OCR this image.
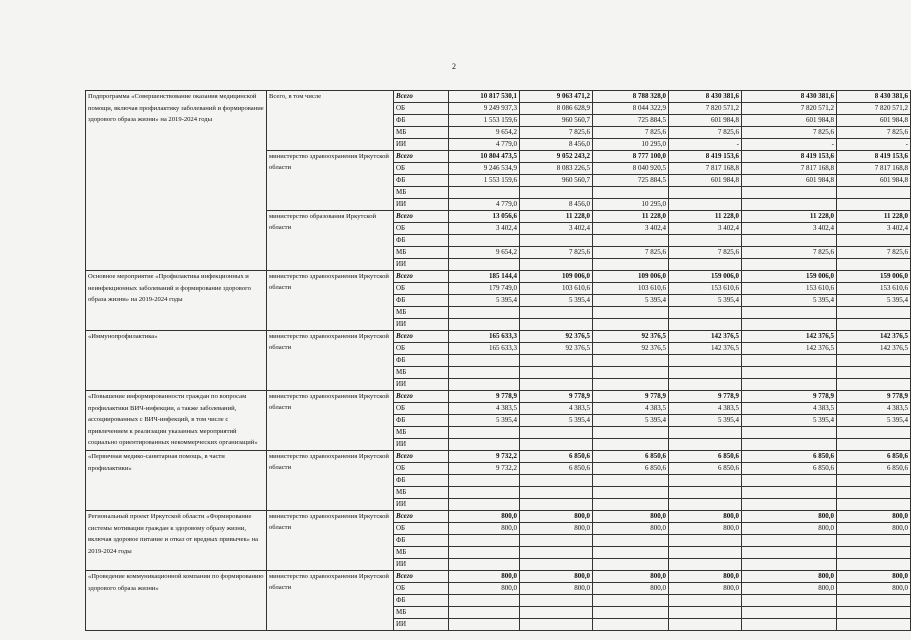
2
Подпрограмма «Совершенствование оказания медицинской помощи, включая профилактику заболеваний и формирование здорового образа жизни» на 2019-2024 годы	Всего, в том числе	Всего	10 817 530,1	9 063 471,2	8 788 328,0	8 430 381,6	8 430 381,6	8 430 381,6
		ОБ	9 249 937,3	8 086 628,9	8 044 322,9	7 820 571,2	7 820 571,2	7 820 571,2
		ФБ	1 553 159,6	960 560,7	725 884,5	601 984,8	601 984,8	601 984,8
		МБ	9 654,2	7 825,6	7 825,6	7 825,6	7 825,6	7 825,6
		ИИ	4 779,0	8 456,0	10 295,0	-	-	-
	министерство здравоохранения Иркутской области	Всего	10 804 473,5	9 052 243,2	8 777 100,0	8 419 153,6	8 419 153,6	8 419 153,6
		ОБ	9 246 534,9	8 083 226,5	8 040 920,5	7 817 168,8	7 817 168,8	7 817 168,8
		ФБ	1 553 159,6	960 560,7	725 884,5	601 984,8	601 984,8	601 984,8
		МБ						
		ИИ	4 779,0	8 456,0	10 295,0			
	министерство образования Иркутской области	Всего	13 056,6	11 228,0	11 228,0	11 228,0	11 228,0	11 228,0
		ОБ	3 402,4	3 402,4	3 402,4	3 402,4	3 402,4	3 402,4
		ФБ						
		МБ	9 654,2	7 825,6	7 825,6	7 825,6	7 825,6	7 825,6
		ИИ						
Основное мероприятие «Профилактика инфекционных и неинфекционных заболеваний и формирование здорового образа жизни» на 2019-2024 годы	министерство здравоохранения Иркутской области	Всего	185 144,4	109 006,0	109 006,0	159 006,0	159 006,0	159 006,0
		ОБ	179 749,0	103 610,6	103 610,6	153 610,6	153 610,6	153 610,6
		ФБ	5 395,4	5 395,4	5 395,4	5 395,4	5 395,4	5 395,4
		МБ						
		ИИ						
«Иммунопрофилактика»	министерство здравоохранения Иркутской области	Всего	165 633,3	92 376,5	92 376,5	142 376,5	142 376,5	142 376,5
		ОБ	165 633,3	92 376,5	92 376,5	142 376,5	142 376,5	142 376,5
		ФБ						
		МБ						
		ИИ						
«Повышение информированности граждан по вопросам профилактики ВИЧ-инфекции, а также заболеваний, ассоциированных с ВИЧ-инфекций, в том числе с привлечением к реализации указанных мероприятий социально ориентированных некоммерческих организаций»	министерство здравоохранения Иркутской области	Всего	9 778,9	9 778,9	9 778,9	9 778,9	9 778,9	9 778,9
		ОБ	4 383,5	4 383,5	4 383,5	4 383,5	4 383,5	4 383,5
		ФБ	5 395,4	5 395,4	5 395,4	5 395,4	5 395,4	5 395,4
		МБ						
		ИИ						
«Первичная медико-санитарная помощь, в части профилактики»	министерство здравоохранения Иркутской области	Всего	9 732,2	6 850,6	6 850,6	6 850,6	6 850,6	6 850,6
		ОБ	9 732,2	6 850,6	6 850,6	6 850,6	6 850,6	6 850,6
		ФБ						
		МБ						
		ИИ						
Региональный проект Иркутской области «Формирование системы мотивации граждан к здоровому образу жизни, включая здоровое питание и отказ от вредных привычек» на 2019-2024 годы	министерство здравоохранения Иркутской области	Всего	800,0	800,0	800,0	800,0	800,0	800,0
		ОБ	800,0	800,0	800,0	800,0	800,0	800,0
		ФБ						
		МБ						
		ИИ						
«Проведение коммуникационной компании по формированию здорового образа жизни»	министерство здравоохранения Иркутской области	Всего	800,0	800,0	800,0	800,0	800,0	800,0
		ОБ	800,0	800,0	800,0	800,0	800,0	800,0
		ФБ						
		МБ						
		ИИ						
